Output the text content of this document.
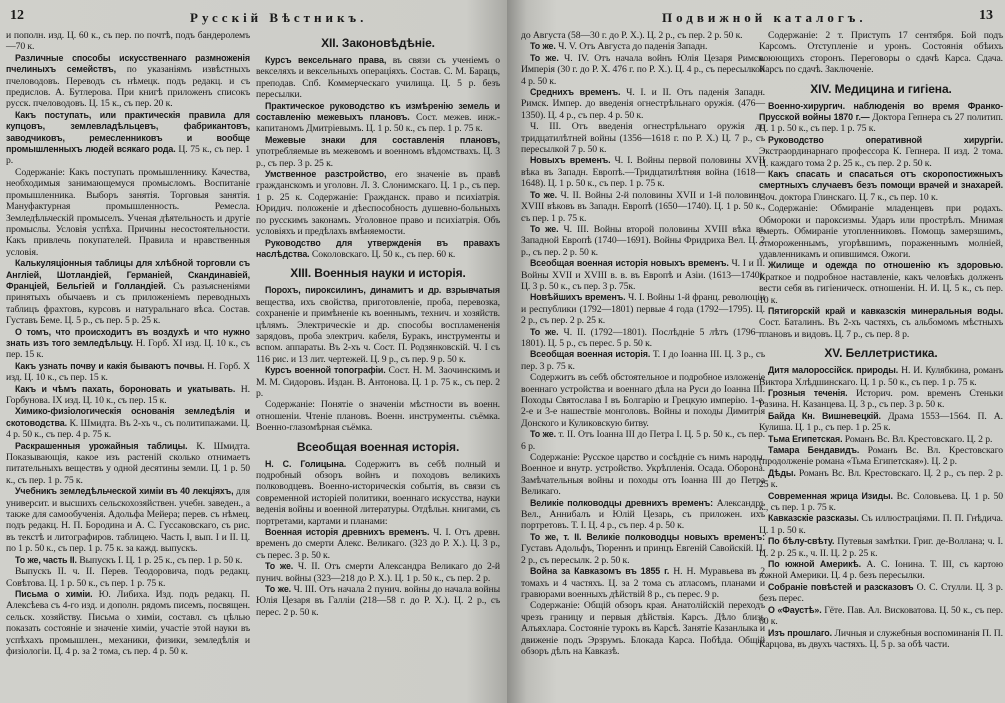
12	Русскій Вѣстникъ.

и пополн. изд. Ц. 60 к., съ пер. по почтѣ, подъ бандеролемъ—70 к.

Различные способы искусственнаго размноженія пчелиныхъ семействъ, по указаніямъ извѣстныхъ пчеловодовъ. Переводъ съ нѣмецк. подъ редакц. и съ предислов. А. Бутлерова. При книгѣ приложенъ списокъ русск. пчеловодовъ. Ц. 15 к., съ пер. 20 к.

Какъ поступать, или практическія правила для купцовъ, землевладѣльцевъ, фабрикантовъ, заводчиковъ, ремесленниковъ и вообще промышленныхъ людей всякаго рода. Ц. 75 к., съ пер. 1 р.

Содержаніе: Какъ поступать промышленнику. Качества, необходимыя занимающемуся промысломъ. Воспитаніе промышленника. Выборъ занятія. Торговыя занятія. Мануфактурная промышленность. Ремесла. Земледѣльческій промыселъ. Ученая дѣятельность и другіе промыслы. Условія успѣха. Причины несостоятельности. Какъ привлечь покупателей. Правила и нравственныя условія.

Калькуляціонныя таблицы для хлѣбной торговли съ Англіей, Шотландіей, Германіей, Скандинавіей, Франціей, Бельгіей и Голландіей. Съ разъясненіями принятыхъ обычаевъ и съ приложеніемъ переводныхъ таблицъ фрахтовъ, курсовъ и натуральнаго вѣса. Состав. Густавъ Беме. Ц. 5 р., съ пер. 5 р. 25 к.

О томъ, что происходитъ въ воздухѣ и что нужно знать изъ того земледѣльцу. Н. Горб. XI изд. Ц. 10 к., съ пер. 15 к.

Какъ узнать почву и какія бываютъ почвы. Н. Горб. X изд. Ц. 10 к., съ пер. 15 к.

Какъ и чѣмъ пахать, бороновать и укатывать. Н. Горбунова. IX изд. Ц. 10 к., съ пер. 15 к.

Химико-физіологическія основанія земледѣлія и скотоводства. К. Шмидта. Въ 2-хъ ч., съ политипажами. Ц. 4 р. 50 к., съ пер. 4 р. 75 к.

Раскрашенныя урожайныя таблицы. К. Шмидта. Показывающія, какое изъ растеній сколько отнимаетъ питательныхъ веществъ у одной десятины земли. Ц. 1 р. 50 к., съ пер. 1 р. 75 к.

Учебникъ земледѣльческой химіи въ 40 лекціяхъ, для университ. и высшихъ сельскохозяйствен. учебн. заведен., а также для самообученія. Адольфа Мейера; перев. съ нѣмец. подъ редакц. Н. П. Бородина и А. С. Гуссаковскаго, съ рис. въ текстѣ и литографиров. таблицею. Часть I, вып. I и II. Ц. по 1 р. 50 к., съ пер. 1 р. 75 к. за кажд. выпускъ.

То же, часть II. Выпускъ I. Ц. 1 р. 25 к., съ пер. 1 р. 50 к.

Выпускъ II. ч. II. Перев. Теодоровича, подъ редакц. Совѣтова. Ц. 1 р. 50 к., съ пер. 1 р. 75 к.

Письма о химіи. Ю. Либиха. Изд. подъ редакц. П. Алексѣева съ 4-го изд. и дополн. рядомъ писемъ, посвящен. сельск. хозяйству. Письма о химіи, составл. съ цѣлью показать состояніе и значеніе химіи, участіе этой науки въ успѣхахъ промышлен., механики, физики, земледѣлія и физіологіи. Ц. 4 р. за 2 тома, съ пер. 4 р. 50 к.

XII. Законовѣдѣніе.

Курсъ вексельнаго права, въ связи съ ученіемъ о векселяхъ и вексельныхъ операціяхъ. Состав. С. М. Барацъ, преподав. Спб. Коммерческаго училища. Ц. 5 р. безъ пересылки.

Практическое руководство къ измѣренію земель и составленію межевыхъ плановъ. Сост. межев. инж.-капитаномъ Дмитріевымъ. Ц. 1 р. 50 к., съ пер. 1 р. 75 к.

Межевые знаки для составленія плановъ, употребляемые въ межевомъ и военномъ вѣдомствахъ. Ц. 3 р., съ пер. 3 р. 25 к.

Умственное разстройство, его значеніе въ правѣ гражданскомъ и уголовн. Л. З. Слонимскаго. Ц. 1 р., съ пер. 1 р. 25 к. Содержаніе: Гражданск. право и психіатрія. Юридич. положеніе и дѣеспособность душевно-больныхъ по русскимъ законамъ. Уголовное право и психіатрія. Объ условіяхъ и предѣлахъ вмѣняемости.

Руководство для утвержденія въ правахъ наслѣдства. Соколовскаго. Ц. 50 к., съ пер. 60 к.

XIII. Военныя науки и исторія.

Порохъ, пироксилинъ, динамитъ и др. взрывчатыя вещества, ихъ свойства, приготовленіе, проба, перевозка, сохраненіе и примѣненіе къ военнымъ, технич. и хозяйств. цѣлямъ. Электрическіе и др. способы воспламененія зарядовъ, проба электрич. кабеля, Буракъ, инструменты и вспом. аппараты. Въ 2-хъ ч. Сост. П. Родзянковскій. Ч. I съ 116 рис. и 13 лит. чертежей. Ц. 9 р., съ пер. 9 р. 50 к.

Курсъ военной топографіи. Сост. Н. М. Заочинскимъ и М. М. Сидоровъ. Издан. В. Антонова. Ц. 1 р. 75 к., съ пер. 2 р.

Содержаніе: Понятіе о значеніи мѣстности въ военн. отношеніи. Чтеніе плановъ. Военн. инструменты. съёмка. Военно-глазомѣрная съёмка.

Всеобщая военная исторія.

Н. С. Голицына. Содержитъ въ себѣ полный и подробный обзоръ войнъ и походовъ великихъ полководцевъ. Военно-историческія событія, въ связи съ современной исторіей политики, военнаго искусства, науки веденія войны и военной литературы. Отдѣльн. книгами, съ портретами, картами и планами:

Военная исторія древнихъ временъ. Ч. I. Отъ древн. временъ до смерти Алекс. Великаго. (323 до Р. Х.). Ц. 3 р., съ перес. 3 р. 50 к.

То же. Ч. II. Отъ смерти Александра Великаго до 2-й пунич. войны (323—218 до Р. Х.). Ц. 1 р. 50 к., съ пер. 2 р.

То же. Ч. III. Отъ начала 2 пунич. войны до начала войны Юлія Цезаря въ Галліи (218—58 г. до Р. Х.). Ц. 2 р., съ перес. 2 р. 50 к.

Подвижной каталогъ.	13

до Августа (58—30 г. до Р. Х.). Ц. 2 р., съ пер. 2 р. 50 к.

То же. Ч. V. Отъ Августа до паденія Западн.

То же. Ч. IV. Отъ начала войнъ Юлія Цезаря Римск. Имперія (30 г. до Р. Х. 476 г. по Р. Х.). Ц. 4 р., съ пересылкой 4 р. 50 к.

Среднихъ временъ. Ч. I. и II. Отъ паденія Западн. Римск. Импер. до введенія огнестрѣльнаго оружія. (476—1350). Ц. 4 р., съ пер. 4 р. 50 к.

Ч. III. Отъ введенія огнестрѣльнаго оружія до тридцатилѣтней войны (1356—1618 г. по Р. Х.) Ц. 7 р., съ пересылкой 7 р. 50 к.

Новыхъ временъ. Ч. I. Войны первой половины XVII вѣка въ Западн. Европѣ.—Тридцатилѣтняя война (1618—1648). Ц. 1 р. 50 к., съ пер. 1 р. 75 к.

То же. Ч. II. Войны 2-й половины XVII и 1-й половины XVIII вѣковъ въ Западн. Европѣ (1650—1740). Ц. 1 р. 50 к., съ пер. 1 р. 75 к.

То же. Ч. III. Войны второй половины XVIII вѣка въ Западной Европѣ (1740—1691). Войны Фридриха Вел. Ц. 2 р., съ пер. 2 р. 50 к.

Всеобщая военная исторія новыхъ временъ. Ч. I и II. Войны XVII и XVIII в. в. въ Европѣ и Азіи. (1613—1740). Ц. 3 р. 50 к., съ пер. 3 р. 75к.

Новѣйшихъ временъ. Ч. I. Войны 1-й франц. революціи и республики (1792—1801) первые 4 года (1792—1795). Ц. 2 р., съ пер. 2 р. 25 к.

То же. Ч. II. (1792—1801). Послѣдніе 5 лѣтъ (1796—1801). Ц. 5 р., съ перес. 5 р. 50 к.

Всеобщая военная исторія. Т. I до Іоанна III. Ц. 3 р., съ пер. 3 р. 75 к.

Содержитъ въ себѣ обстоятельное и подробное изложеніе военнаго устройства и военнаго дѣла на Руси до Іоанна III. Походы Святослава I въ Болгарію и Грецкую имперію. 1-е, 2-е и 3-е нашествіе монголовъ. Войны и походы Димитрія Донского и Куликовскую битву.

То же. т. II. Отъ Іоанна III до Петра I. Ц. 5 р. 50 к., съ пер. 6 р.

Содержаніе: Русское царство и сосѣдніе съ нимъ народы. Военное и внутр. устройство. Укрѣпленія. Осада. Оборона. Замѣчательныя войны и походы отъ Іоанна III до Петра Великаго.

Великіе полководцы древнихъ временъ: Александръ Вел., Аннибалъ и Юлій Цезарь, съ приложен. ихъ портретовъ. Т. I. Ц. 4 р., съ пер. 4 р. 50 к.

То же, т. II. Великіе полководцы новыхъ временъ: Густавъ Адольфъ, Тюреннъ и принцъ Евгеній Савойскій. Ц. 2 р., съ пересылк. 2 р. 50 к.

Война за Кавказомъ въ 1855 г. Н. Н. Муравьева въ 2 томахъ и 4 частяхъ. Ц. за 2 тома съ атласомъ, планами и гравюрами военныхъ дѣйствій 8 р., съ перес. 9 р.

Содержаніе: Общій обзоръ края. Анатолійскій переходъ чрезъ границу и первыя дѣйствія. Карсъ. Дѣло близь Алъяхлара. Состояніе турокъ въ Карсѣ. Занятіе Казанлыка и движеніе подъ Эрзрумъ. Блокада Карса. Побѣда. Общій обзоръ дѣлъ на Кавказѣ.

Содержаніе: 2 т. Приступъ 17 сентября. Бой подъ Карсомъ. Отступленіе и уронъ. Состоянія обѣихъ воюющихъ сторонъ. Переговоры о сдачѣ Карса. Сдача. Карсъ по сдачѣ. Заключеніе.

XIV. Медицина и гигіена.

Военно-хирургич. наблюденія во время Франко-Прусской войны 1870 г.— Доктора Гепнера съ 27 политип. Ц. 1 р. 50 к., съ пер. 1 р. 75 к.

Руководство оперативной хирургіи. Экстраординарнаго профессора К. Гепнера. II изд. 2 тома. Ц. каждаго тома 2 р. 25 к., съ пер. 2 р. 50 к.

Какъ спасать и спасаться отъ скоропостижныхъ смертныхъ случаевъ безъ помощи врачей и знахарей. Соч. доктора Глинскаго. Ц. 7 к., съ пер. 10 к.

Содержаніе: Обмираніе младенцевъ при родахъ. Обмороки и пароксизмы. Ударъ или прострѣлъ. Мнимая смерть. Обмираніе утопленниковъ. Помощь замерзшимъ, отмороженнымъ, угорѣвшимъ, пораженнымъ молніей, удавленникамъ и опившимся. Ожоги.

Жилище и одежда по отношенію къ здоровью. Краткое и подробное наставленіе, какъ человѣкъ долженъ вести себя въ гигіеническ. отношеніи. Н. И. Ц. 5 к., съ пер. 10 к.

Пятигорскій край и кавказскія минеральныя воды. Сост. Баталинъ. Въ 2-хъ частяхъ, съ альбомомъ мѣстныхъ плановъ и видовъ. Ц. 7 р., съ пер. 8 р.

XV. Беллетристика.

Дитя малороссійск. природы. Н. И. Кулябкина, романъ Виктора Хлѣдшинскаго. Ц. 1 р. 50 к., съ пер. 1 р. 75 к.

Грозныя теченія. Историч. ром. временъ Стеньки Разина. Н. Казанцева. Ц. 3 р., съ пер. 3 р. 50 к.

Байда Кн. Вишневецкій. Драма 1553—1564. П. А. Кулиша. Ц. 1 р., съ пер. 1 р. 25 к.

Тьма Египетская. Романъ Вс. Вл. Крестовскаго. Ц. 2 р.

Тамара Бендавидъ. Романъ Вс. Вл. Крестовскаго (продолженіе романа «Тьма Египетская»). Ц. 2 р.

Дѣды. Романъ Вс. Вл. Крестовскаго. Ц. 2 р., съ пер. 2 р. 25 к.

Современная жрица Изиды. Вс. Соловьева. Ц. 1 р. 50 к., съ пер. 1 р. 75 к.

Кавказскіе разсказы. Съ иллюстраціями. П. П. Гнѣдича. Ц. 1 р. 50 к.

По бѣлу-свѣту. Путевыя замѣтки. Григ. де-Воллана; ч. I. Ц. 2 р. 25 к., ч. II. Ц. 2 р. 25 к.

По южной Америкѣ. А. С. Іонина. Т. III, съ картою южной Америки. Ц. 4 р. безъ пересылки.

Собраніе повѣстей и разсказовъ О. С. Стулли. Ц. 3 р. безъ перес.

О «Фаустѣ». Гёте. Пав. Ал. Висковатова. Ц. 50 к., съ пер. 60 к.

Изъ прошлаго. Личныя и служебныя воспоминанія П. П. Карцова, въ двухъ частяхъ. Ц. 5 р. за обѣ части.
